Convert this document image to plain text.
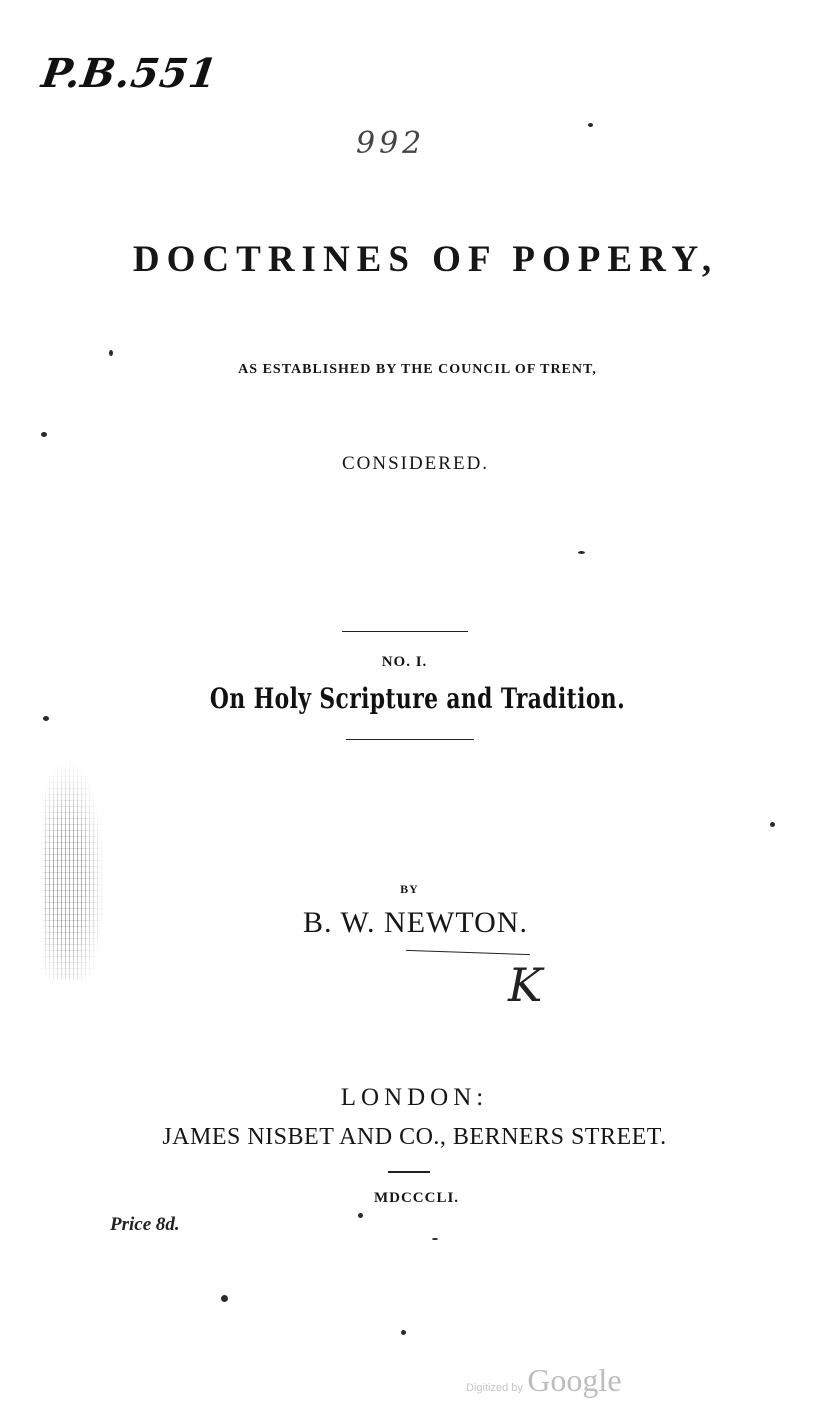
P.B.551
992
DOCTRINES OF POPERY,
AS ESTABLISHED BY THE COUNCIL OF TRENT,
CONSIDERED.
NO. I.
On Holy Scripture and Tradition.
BY
B. W. NEWTON.
K
LONDON:
JAMES NISBET AND CO., BERNERS STREET.
MDCCCLI.
Price 8d.
Digitized by Google
